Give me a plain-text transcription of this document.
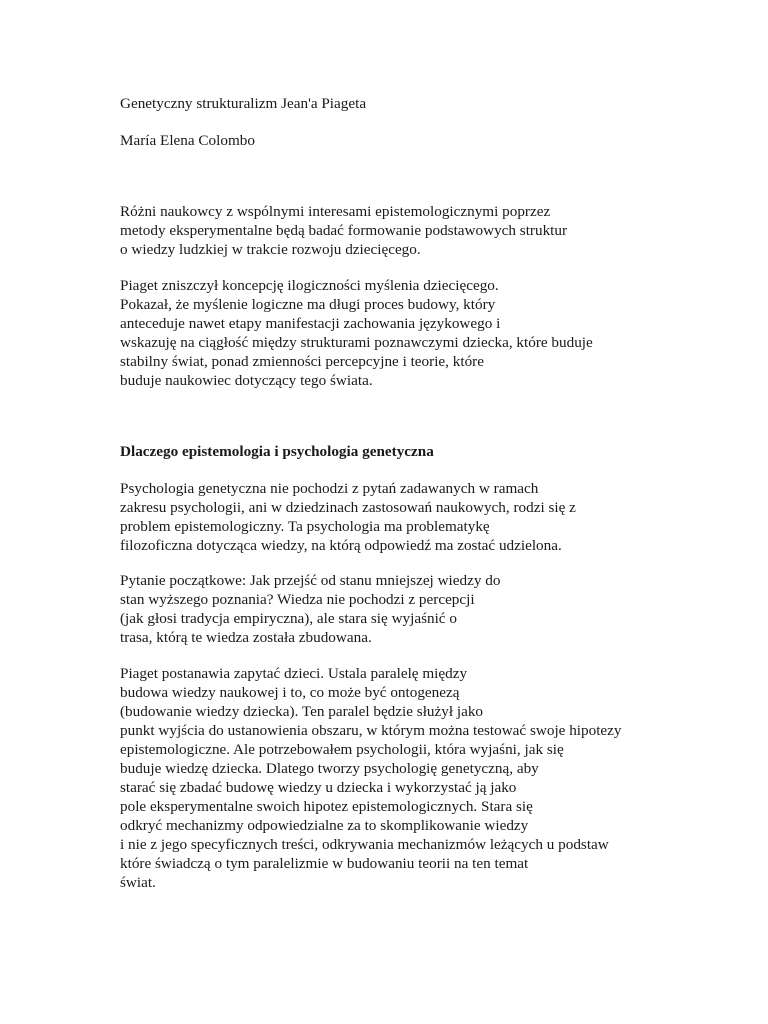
Genetyczny strukturalizm Jean'a Piageta
María Elena Colombo
Różni naukowcy z wspólnymi interesami epistemologicznymi poprzez
metody eksperymentalne będą badać formowanie podstawowych struktur
o wiedzy ludzkiej w trakcie rozwoju dziecięcego.
Piaget zniszczył koncepcję ilogiczności myślenia dziecięcego.
Pokazał, że myślenie logiczne ma długi proces budowy, który
anteceduje nawet etapy manifestacji zachowania językowego i
wskazuję na ciągłość między strukturami poznawczymi dziecka, które buduje
stabilny świat, ponad zmienności percepcyjne i teorie, które
buduje naukowiec dotyczący tego świata.
Dlaczego epistemologia i psychologia genetyczna
Psychologia genetyczna nie pochodzi z pytań zadawanych w ramach
zakresu psychologii, ani w dziedzinach zastosowań naukowych, rodzi się z
problem epistemologiczny. Ta psychologia ma problematykę
filozoficzna dotycząca wiedzy, na którą odpowiedź ma zostać udzielona.
Pytanie początkowe: Jak przejść od stanu mniejszej wiedzy do
stan wyższego poznania? Wiedza nie pochodzi z percepcji
(jak głosi tradycja empiryczna), ale stara się wyjaśnić o
trasa, którą te wiedza została zbudowana.
Piaget postanawia zapytać dzieci. Ustala paralelę między
budowa wiedzy naukowej i to, co może być ontogenezą
(budowanie wiedzy dziecka). Ten paralel będzie służył jako
punkt wyjścia do ustanowienia obszaru, w którym można testować swoje hipotezy
epistemologiczne. Ale potrzebowałem psychologii, która wyjaśni, jak się
buduje wiedzę dziecka. Dlatego tworzy psychologię genetyczną, aby
starać się zbadać budowę wiedzy u dziecka i wykorzystać ją jako
pole eksperymentalne swoich hipotez epistemologicznych. Stara się
odkryć mechanizmy odpowiedzialne za to skomplikowanie wiedzy
i nie z jego specyficznych treści, odkrywania mechanizmów leżących u podstaw
które świadczą o tym paralelizmie w budowaniu teorii na ten temat
świat.
